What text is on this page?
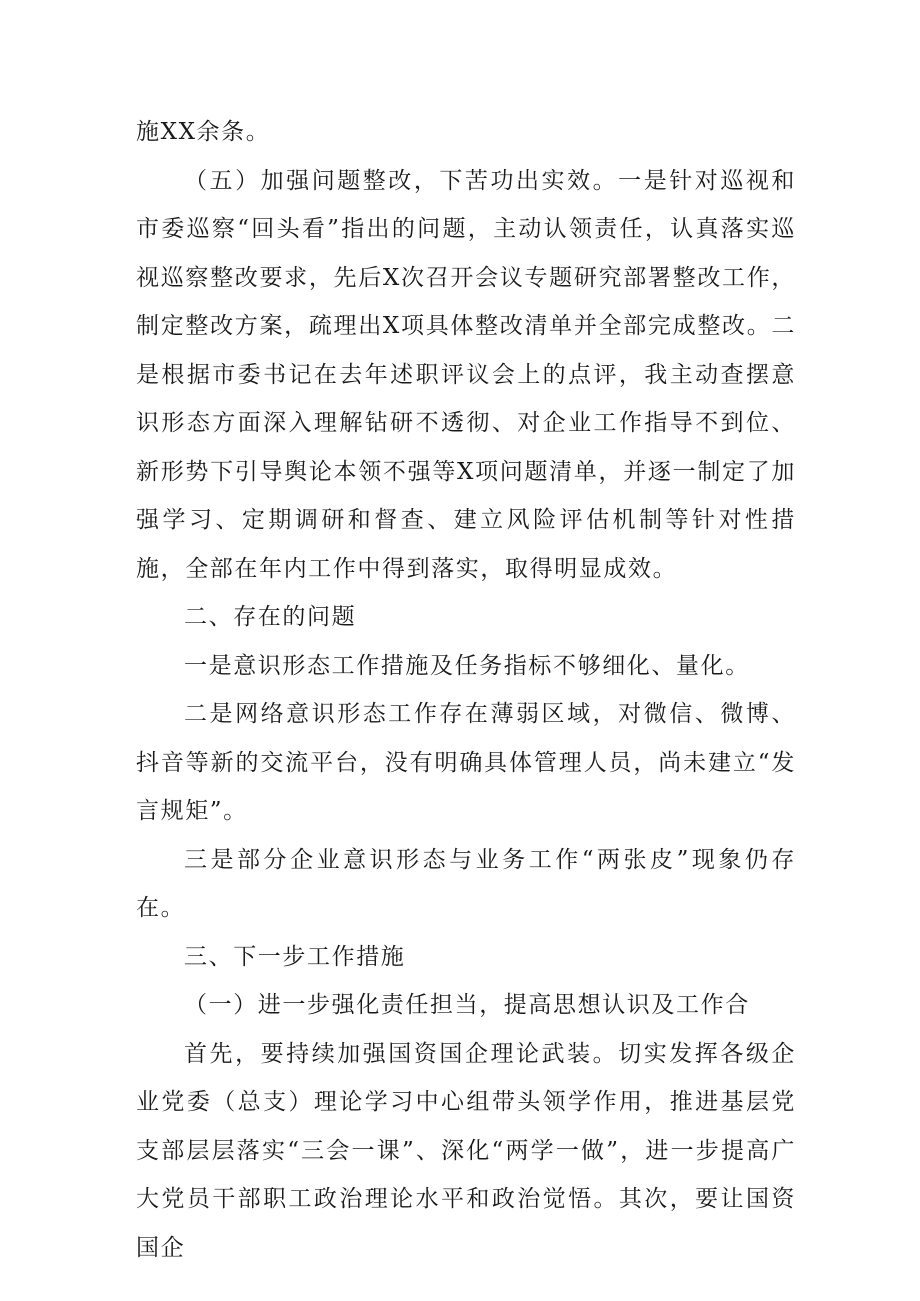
施XX余条。

（五）加强问题整改，下苦功出实效。一是针对巡视和市委巡察“回头看”指出的问题，主动认领责任，认真落实巡视巡察整改要求，先后X次召开会议专题研究部署整改工作，制定整改方案，疏理出X项具体整改清单并全部完成整改。二是根据市委书记在去年述职评议会上的点评，我主动查摆意识形态方面深入理解钻研不透彻、对企业工作指导不到位、新形势下引导舆论本领不强等X项问题清单，并逐一制定了加强学习、定期调研和督查、建立风险评估机制等针对性措施，全部在年内工作中得到落实，取得明显成效。

二、存在的问题

一是意识形态工作措施及任务指标不够细化、量化。

二是网络意识形态工作存在薄弱区域，对微信、微博、抖音等新的交流平台，没有明确具体管理人员，尚未建立“发言规矩”。

三是部分企业意识形态与业务工作“两张皮”现象仍存在。

三、下一步工作措施

（一）进一步强化责任担当，提高思想认识及工作合

首先，要持续加强国资国企理论武装。切实发挥各级企业党委（总支）理论学习中心组带头领学作用，推进基层党支部层层落实“三会一课”、深化“两学一做”，进一步提高广大党员干部职工政治理论水平和政治觉悟。其次，要让国资国企
